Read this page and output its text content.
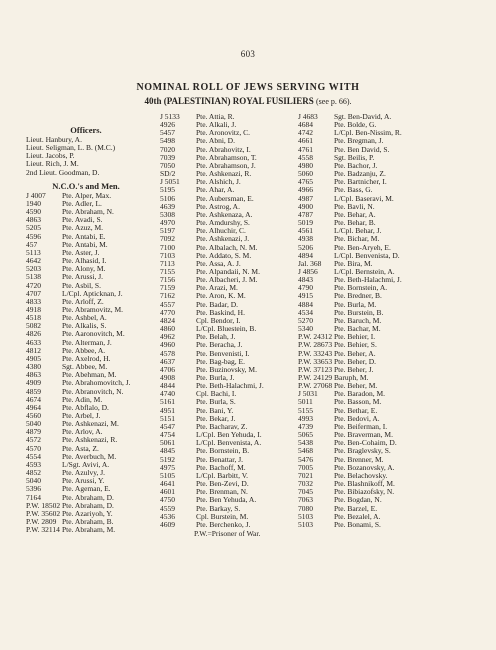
603
NOMINAL ROLL OF JEWS SERVING WITH
40th (PALESTINIAN) ROYAL FUSILIERS (see p. 66).
Officers.
Lieut. Hanbury, A.
Lieut. Seligman, L. B. (M.C.)
Lieut. Jacobs, P.
Lieut. Rich, J. M.
2nd Lieut. Goodman, D.
N.C.O.'s and Men.
J 4007 Pte. Alper, Max.
1940	Pte. Adler, L.
4590	Pte. Abraham, N.
4863	Pte. Avadi, S.
5205	Pte. Azuz, M.
4596	Pte. Antabi, E.
457	Pte. Antabi, M.
5113	Pte. Aster, J.
4642	Pte. Alhasid, I.
5203	Pte. Alony, M.
5138	Pte. Arussi, J.
4720	Pte. Asbil, S.
4707	L/Cpl. Apticknan, J.
4833	Pte. Arloff, Z.
4918	Pte. Abramovitz, M.
4518	Pte. Ashbel, A.
5082	Pte. Alkalis, S.
4826	Pte. Aaronovitch, M.
4633	Pte. Alterman, J.
4812	Pte. Abbee, A.
4905	Pte. Axelrod, H.
4380	Sgt. Abbee, M.
4863	Pte. Abehman, M.
4909	Pte. Abrahomovitch, J.
4859	Pte. Abranovitch, N.
4674	Pte. Adin, M.
4964	Pte. Abflalo, D.
4560	Pte. Arbel, J.
5040	Pte. Ashkenazi, M.
4879	Pte. Arlov, A.
4572	Pte. Ashkenazi, R.
4570	Pte. Asta, Z.
4554	Pte. Averbuch, M.
4593	L/Sgt. Avivi, A.
4852	Pte. Azulvy, J.
5040	Pte. Arussi, Y.
5396	Pte. Ageman, E.
7164	Pte. Abraham, D.
P.W. 18502 Pte. Abraham, D.
P.W. 35602 Pte. Azariyoh, Y.
P.W. 2809 Pte. Abraham, B.
P.W. 32114 Pte. Abraham, M.
J 5133 Pte. Attia, R.
4926	Pte. Alkali, J.
5457	Pte. Aronovitz, C.
5498	Pte. Abni, D.
7020	Pte. Abrahovitz, I.
7039	Pte. Abrahamson, T.
7050	Pte. Abrahamson, J.
SD/2	Pte. Ashkenazi, R.
J 5051 Pte. Alshich, J.
5195	Pte. Ahar, A.
5106	Pte. Aubersman, E.
4639	Pte. Astrog, A.
5308	Pte. Ashkenaza, A.
4970	Pte. Amdurshy, S.
5197	Pte. Alhuchir, C.
7092	Pte. Ashkenazi, J.
7100	Pte. Albalach, N. M.
7103	Pte. Addato, S. M.
7113	Pte. Assa, A. J.
7155	Pte. Alpandaii, N. M.
7156	Pte. Albacheri, J. M.
7159	Pte. Arazi, M.
7162	Pte. Aron, K. M.
4557	Pte. Badar, D.
4770	Pte. Baskind, H.
4824	Cpl. Bendor, I.
4860	L/Cpl. Bluestein, B.
4962	Pte. Belah, J.
4960	Pte. Beracha, J.
4578	Pte. Benvenisti, I.
4637	Pte. Bag-bag, E.
4706	Pte. Buzinovsky, M.
4908	Pte. Burla, J.
4844	Pte. Beth-Halachmi, J.
4740	Cpl. Bachi, I.
5161	Pte. Burla, S.
4951	Pte. Bani, Y.
5151	Pte. Bekar, J.
4547	Pte. Bacharav, Z.
4754	L/Cpl. Ben Yehuda, I.
5061	L/Cpl. Benvenista, A.
4845	Pte. Bornstein, B.
5192	Pte. Benattar, J.
4975	Pte. Bachoff, M.
5105	L/Cpl. Barbitt, V.
4641	Pte. Ben-Zevi, D.
4601	Pte. Brenman, N.
4750	Pte. Ben Yehuda, A.
4559	Pte. Barkay, S.
4536	Cpl. Burstein, M.
4609	Pte. Berchenko, J.
P.W.=Prisoner of War.
J 4683 Sgt. Ben-David, A.
4684	Pte. Bolde, G.
4742	L/Cpl. Ben-Nissim, R.
4661	Pte. Bregman, J.
4761	Pte. Ben David, S.
4558	Sgt. Beilis, P.
4980	Pte. Bachor, J.
5060	Pte. Badzanju, Z.
4765	Pte. Bartnicher, I.
4966	Pte. Bass, G.
4987	L/Cpl. Baseravi, M.
4900	Pte. Bavli, N.
4787	Pte. Behar, A.
5019	Pte. Behar, B.
4561	L/Cpl. Behar, J.
4938	Pte. Bichar, M.
5206	Pte. Ben-Aryeh, E.
4894	L/Cpl. Benvenista, D.
Jal. 368 Pte. Bira, M.
J 4856 L/Cpl. Bernstein, A.
4843	Pte. Beth-Halachmi, J.
4790	Pte. Bornstein, A.
4915	Pte. Bredner, B.
4884	Pte. Burla, M.
4534	Pte. Burstein, B.
5270	Pte. Baruch, M.
5340	Pte. Bachar, M.
P.W. 24312 Pte. Behier, I.
P.W. 28673 Pte. Behier, S.
P.W. 33243 Pte. Beher, A.
P.W. 33653 Pte. Beher, D.
P.W. 37123 Pte. Beher, J.
P.W. 24129 Baruph, M.
P.W. 27068 Pte. Beher, M.
J 5031 Pte. Baradon, M.
5011	Pte. Basson, M.
5155	Pte. Bethar, E.
4993	Pte. Bedovi, A.
4739	Pte. Beiferman, I.
5065	Pte. Braverman, M.
5438	Pte. Ben-Cohaim, D.
5468	Pte. Braglevsky, S.
5476	Pte. Brenner, M.
7005	Pte. Bozanovsky, A.
7021	Pte. Belachovsky.
7032	Pte. Blashnikoff, M.
7045	Pte. Bibiazofsky, N.
7063	Pte. Bogdan, N.
7080	Pte. Barzel, E.
5103	Pte. Bezalel, A.
5103	Pte. Bonami, S.
